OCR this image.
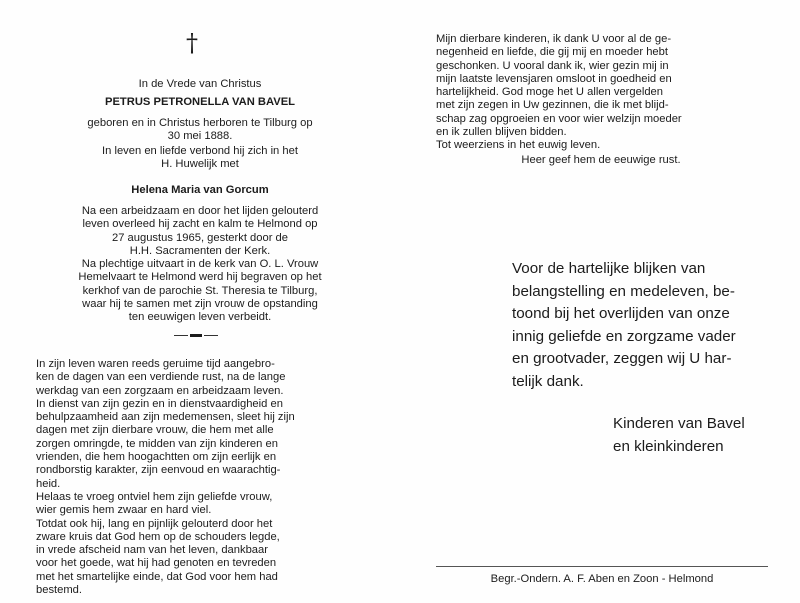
†
In de Vrede van Christus
PETRUS PETRONELLA VAN BAVEL
geboren en in Christus herboren te Tilburg op
30 mei 1888.
In leven en liefde verbond hij zich in het
H. Huwelijk met
Helena Maria van Gorcum
Na een arbeidzaam en door het lijden gelouterd
leven overleed hij zacht en kalm te Helmond op
27 augustus 1965, gesterkt door de
H.H. Sacramenten der Kerk.
Na plechtige uitvaart in de kerk van O. L. Vrouw
Hemelvaart te Helmond werd hij begraven op het
kerkhof van de parochie St. Theresia te Tilburg,
waar hij te samen met zijn vrouw de opstanding
ten eeuwigen leven verbeidt.
In zijn leven waren reeds geruime tijd aangebro-
ken de dagen van een verdiende rust, na de lange
werkdag van een zorgzaam en arbeidzaam leven.
In dienst van zijn gezin en in dienstvaardigheid en
behulpzaamheid aan zijn medemensen, sleet hij zijn
dagen met zijn dierbare vrouw, die hem met alle
zorgen omringde, te midden van zijn kinderen en
vrienden, die hem hoogachtten om zijn eerlijk en
rondborstig karakter, zijn eenvoud en waarachtig-
heid.
Helaas te vroeg ontviel hem zijn geliefde vrouw,
wier gemis hem zwaar en hard viel.
Totdat ook hij, lang en pijnlijk gelouterd door het
zware kruis dat God hem op de schouders legde,
in vrede afscheid nam van het leven, dankbaar
voor het goede, wat hij had genoten en tevreden
met het smartelijke einde, dat God voor hem had
bestemd.
Mijn dierbare kinderen, ik dank U voor al de ge-
negenheid en liefde, die gij mij en moeder hebt
geschonken. U vooral dank ik, wier gezin mij in
mijn laatste levensjaren omsloot in goedheid en
hartelijkheid. God moge het U allen vergelden
met zijn zegen in Uw gezinnen, die ik met blijd-
schap zag opgroeien en voor wier welzijn moeder
en ik zullen blijven bidden.
Tot weerziens in het euwig leven.
Heer geef hem de eeuwige rust.
Voor de hartelijke blijken van
belangstelling en medeleven, be-
toond bij het overlijden van onze
innig geliefde en zorgzame vader
en grootvader, zeggen wij U har-
telijk dank.
Kinderen van Bavel
en kleinkinderen
Begr.-Ondern. A. F. Aben en Zoon - Helmond
